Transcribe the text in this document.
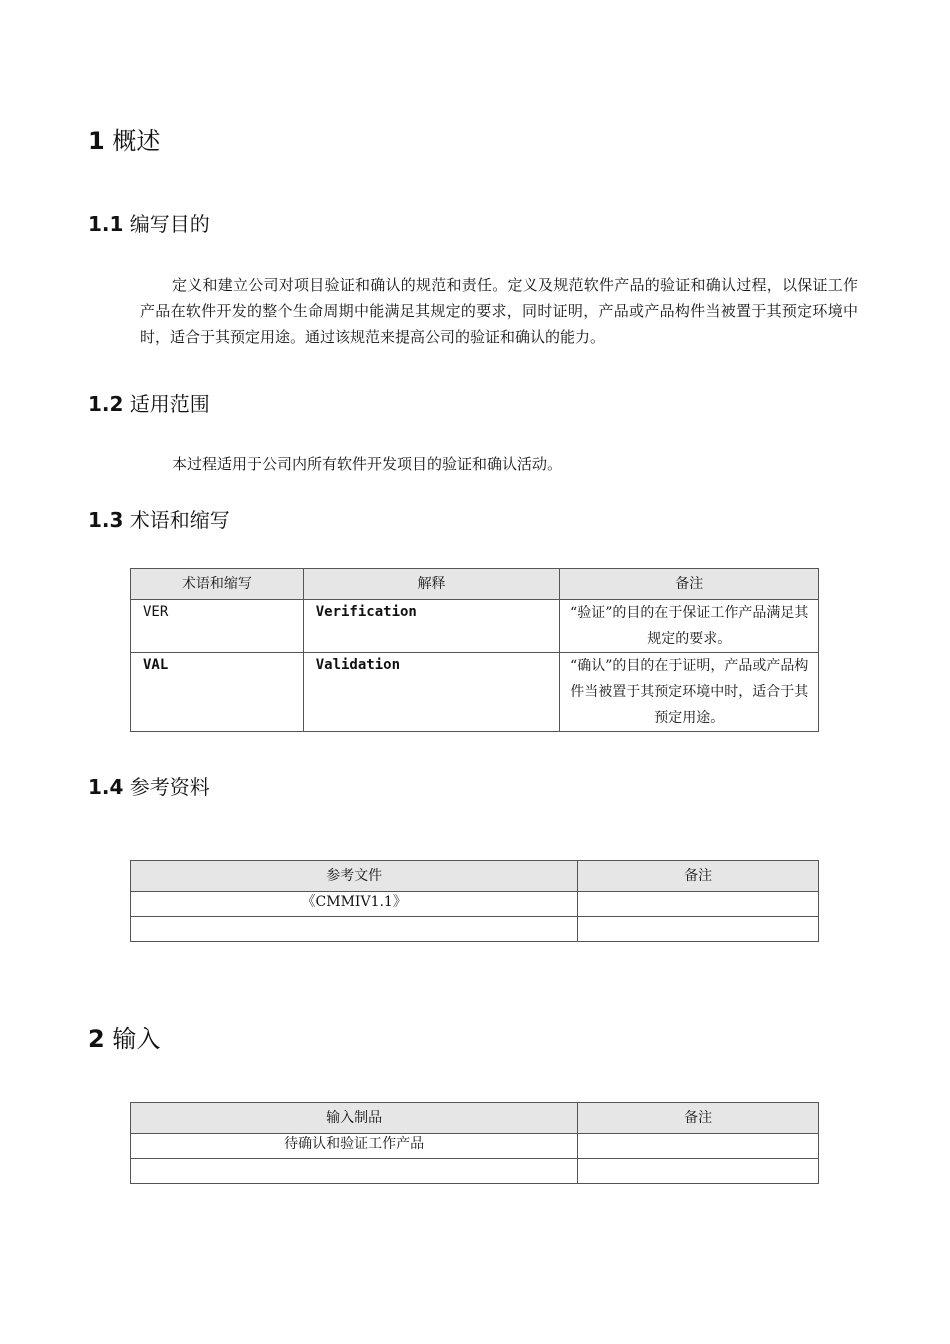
1 概述
1.1 编写目的

定义和建立公司对项目验证和确认的规范和责任。定义及规范软件产品的验证和确认过程，以保证工作产品在软件开发的整个生命周期中能满足其规定的要求，同时证明，产品或产品构件当被置于其预定环境中时，适合于其预定用途。通过该规范来提高公司的验证和确认的能力。

1.2 适用范围

本过程适用于公司内所有软件开发项目的验证和确认活动。

1.3 术语和缩写
术语和缩写	解释	备注
VER	Verification	“验证”的目的在于保证工作产品满足其规定的要求。
VAL	Validation	“确认”的目的在于证明，产品或产品构件当被置于其预定环境中时，适合于其预定用途。
1.4 参考资料
参考文件	备注
《CMMIV1.1》	

2 输入
输入制品	备注
待确认和验证工作产品	
